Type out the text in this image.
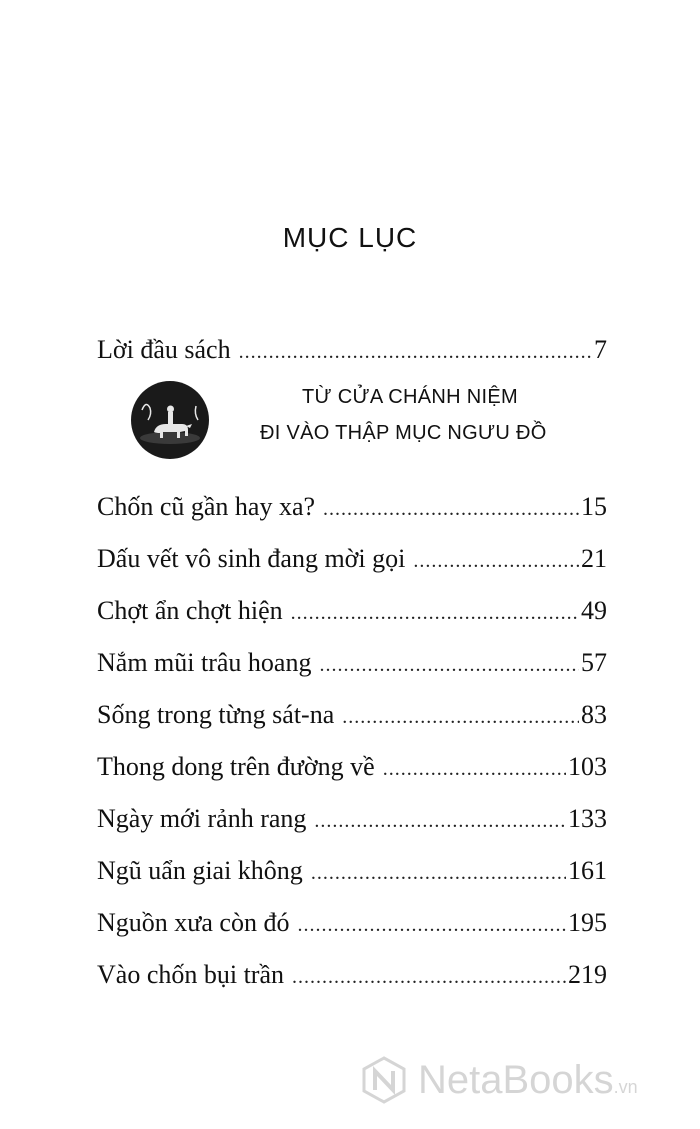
MỤC LỤC
Lời đầu sách .....	7
TỪ CỬA CHÁNH NIỆM
ĐI VÀO THẬP MỤC NGƯU ĐỒ
Chốn cũ gần hay xa? .....	15
Dấu vết vô sinh đang mời gọi .....	21
Chợt ẩn chợt hiện .....	49
Nắm mũi trâu hoang .....	57
Sống trong từng sát-na .....	83
Thong dong trên đường về .....	103
Ngày mới rảnh rang .....	133
Ngũ uẩn giai không .....	161
Nguồn xưa còn đó .....	195
Vào chốn bụi trần .....	219
NetaBooks.vn
